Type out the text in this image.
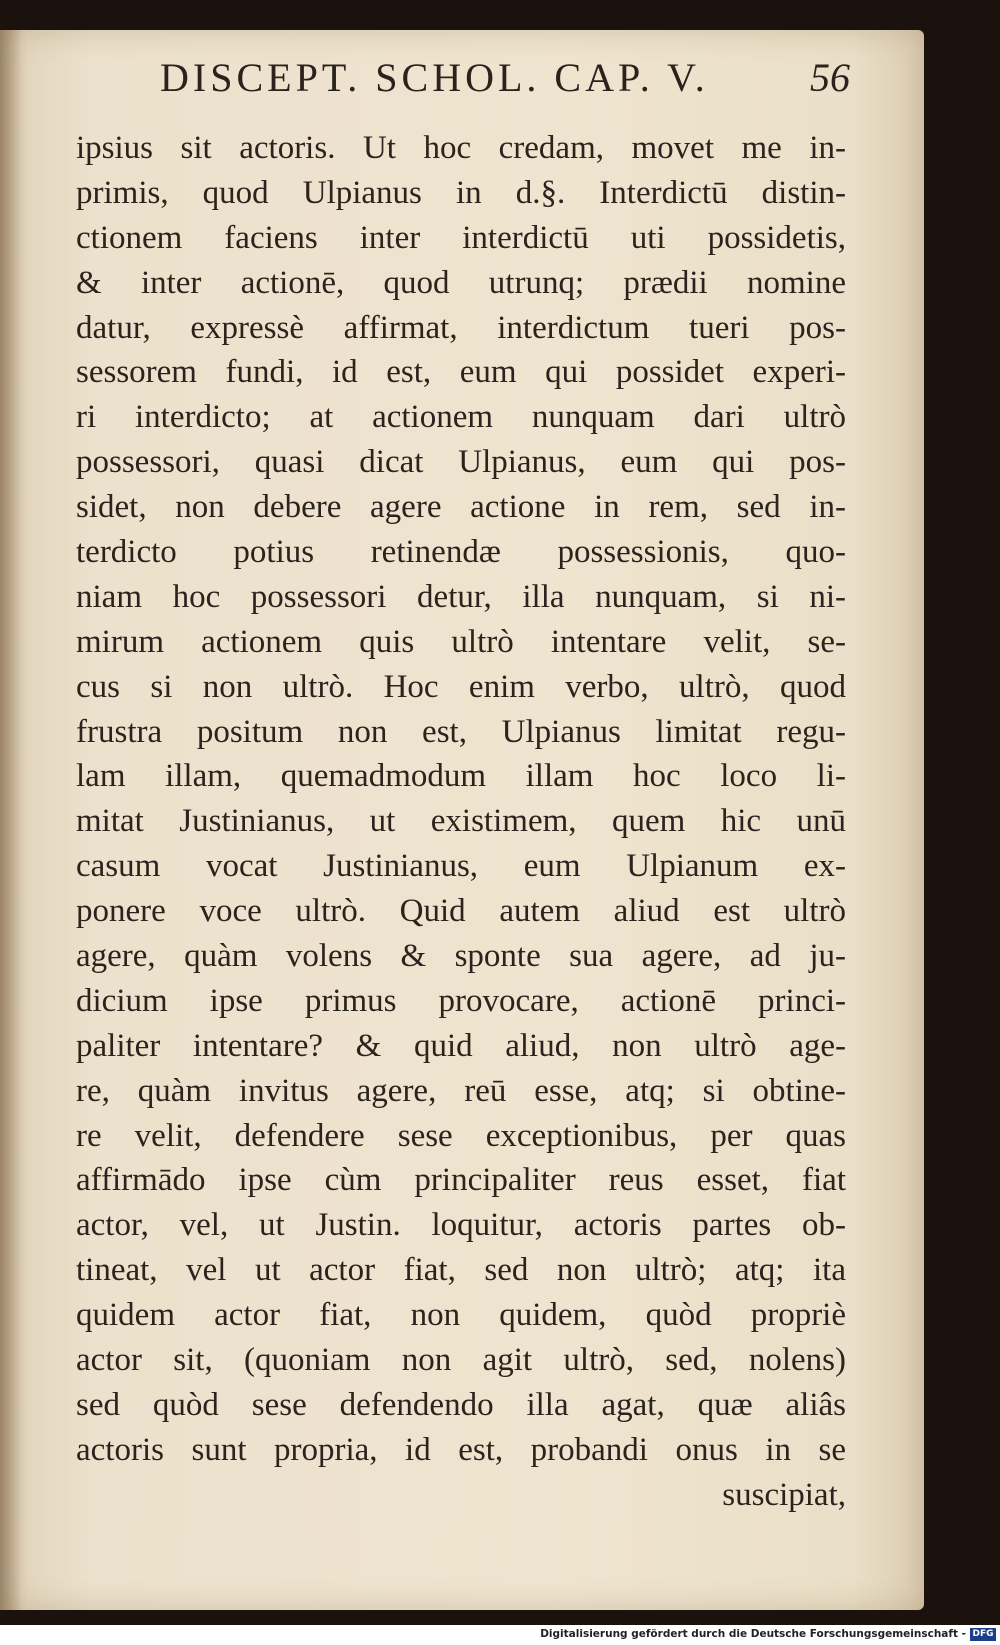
DISCEPT. SCHOL. CAP. V.	56
ipsius sit actoris. Ut hoc credam, movet me in-
primis, quod Ulpianus in d.§. Interdictū distin-
ctionem faciens inter interdictū uti possidetis,
& inter actionē, quod utrunq; prædii nomine
datur, expressè affirmat, interdictum tueri pos-
sessorem fundi, id est, eum qui possidet experi-
ri interdicto; at actionem nunquam dari ultrò
possessori, quasi dicat Ulpianus, eum qui pos-
sidet, non debere agere actione in rem, sed in-
terdicto potius retinendæ possessionis, quo-
niam hoc possessori detur, illa nunquam, si ni-
mirum actionem quis ultrò intentare velit, se-
cus si non ultrò. Hoc enim verbo, ultrò, quod
frustra positum non est, Ulpianus limitat regu-
lam illam, quemadmodum illam hoc loco li-
mitat Justinianus, ut existimem, quem hic unū
casum vocat Justinianus, eum Ulpianum ex-
ponere voce ultrò. Quid autem aliud est ultrò
agere, quàm volens & sponte sua agere, ad ju-
dicium ipse primus provocare, actionē princi-
paliter intentare? & quid aliud, non ultrò age-
re, quàm invitus agere, reū esse, atq; si obtine-
re velit, defendere sese exceptionibus, per quas
affirmādo ipse cùm principaliter reus esset, fiat
actor, vel, ut Justin. loquitur, actoris partes ob-
tineat, vel ut actor fiat, sed non ultrò; atq; ita
quidem actor fiat, non quidem, quòd propriè
actor sit, (quoniam non agit ultrò, sed, nolens)
sed quòd sese defendendo illa agat, quæ aliâs
actoris sunt propria, id est, probandi onus in se
suscipiat,
Digitalisierung gefördert durch die Deutsche Forschungsgemeinschaft - DFG
